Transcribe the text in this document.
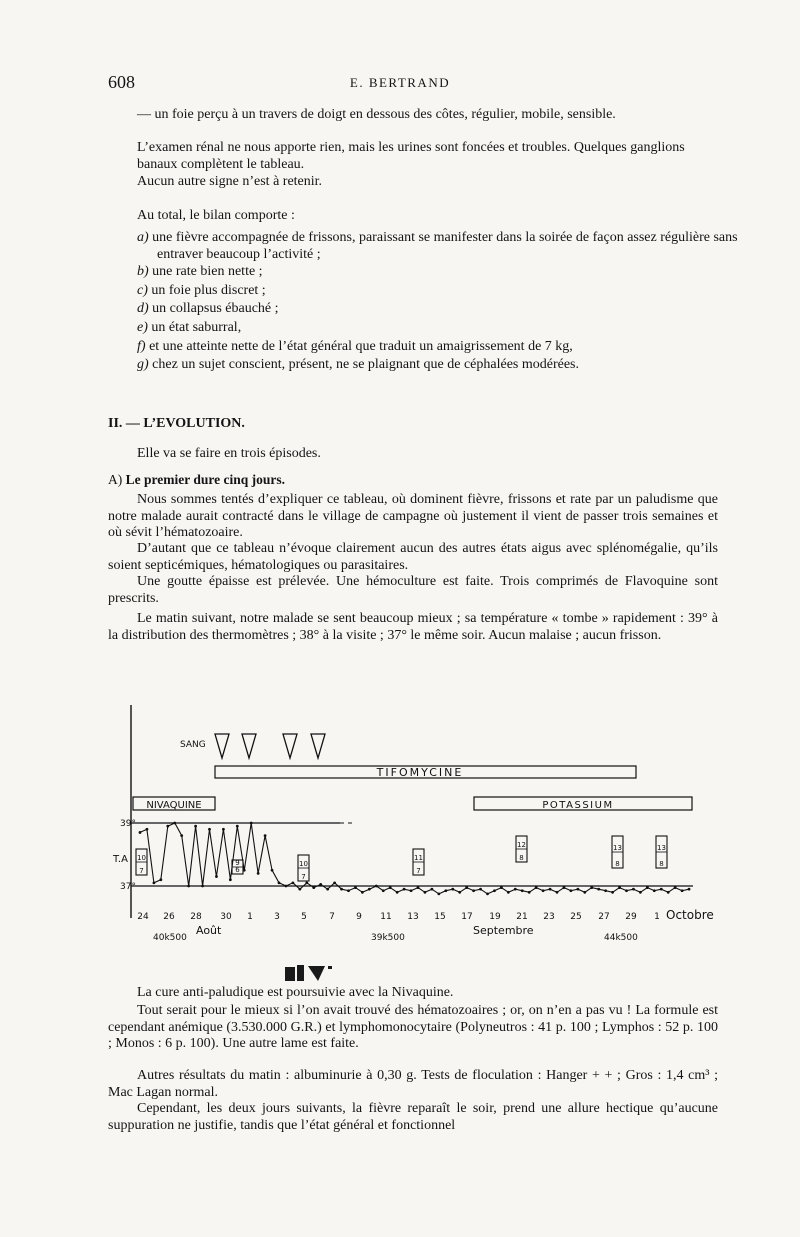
608	E. BERTRAND

— un foie perçu à un travers de doigt en dessous des côtes, régulier, mobile, sensible.

L’examen rénal ne nous apporte rien, mais les urines sont foncées et troubles. Quelques ganglions banaux complètent le tableau.

Aucun autre signe n’est à retenir.

Au total, le bilan comporte :

a) une fièvre accompagnée de frissons, paraissant se manifester dans la soirée de façon assez régulière sans entraver beaucoup l’activité ;

b) une rate bien nette ;

c) un foie plus discret ;

d) un collapsus ébauché ;

e) un état saburral,

f) et une atteinte nette de l’état général que traduit un amaigrissement de 7 kg,

g) chez un sujet conscient, présent, ne se plaignant que de céphalées modérées.

II. — L’EVOLUTION.

Elle va se faire en trois épisodes.

A) Le premier dure cinq jours.

Nous sommes tentés d’expliquer ce tableau, où dominent fièvre, frissons et rate par un paludisme que notre malade aurait contracté dans le village de campagne où justement il vient de passer trois semaines et où sévit l’hématozoaire.

D’autant que ce tableau n’évoque clairement aucun des autres états aigus avec splénomégalie, qu’ils soient septicémiques, hématologiques ou parasitaires.

Une goutte épaisse est prélevée. Une hémoculture est faite. Trois comprimés de Flavoquine sont prescrits.

Le matin suivant, notre malade se sent beaucoup mieux ; sa température « tombe » rapidement : 39° à la distribution des thermomètres ; 38° à la visite ; 37° le même soir. Aucun malaise ; aucun frisson.

SANG
TIFOMYCINE
NIVAQUINE	POTASSIUM
39°
37°
T.A 10
7
9
6
10
7
11
7
12
8
13
8
13
8
24 26 28 30 1 3 5 7 9 11 13 15 17 19 21 23 25 27 29 1
40k500
Août
39k500
Septembre
44k500
Octobre

La cure anti-paludique est poursuivie avec la Nivaquine.

Tout serait pour le mieux si l’on avait trouvé des hématozoaires ; or, on n’en a pas vu ! La formule est cependant anémique (3.530.000 G.R.) et lymphomonocytaire (Polyneutros : 41 p. 100 ; Lymphos : 52 p. 100 ; Monos : 6 p. 100). Une autre lame est faite.

Autres résultats du matin : albuminurie à 0,30 g. Tests de floculation : Hanger + + ; Gros : 1,4 cm³ ; Mac Lagan normal.

Cependant, les deux jours suivants, la fièvre reparaît le soir, prend une allure hectique qu’aucune suppuration ne justifie, tandis que l’état général et fonctionnel
